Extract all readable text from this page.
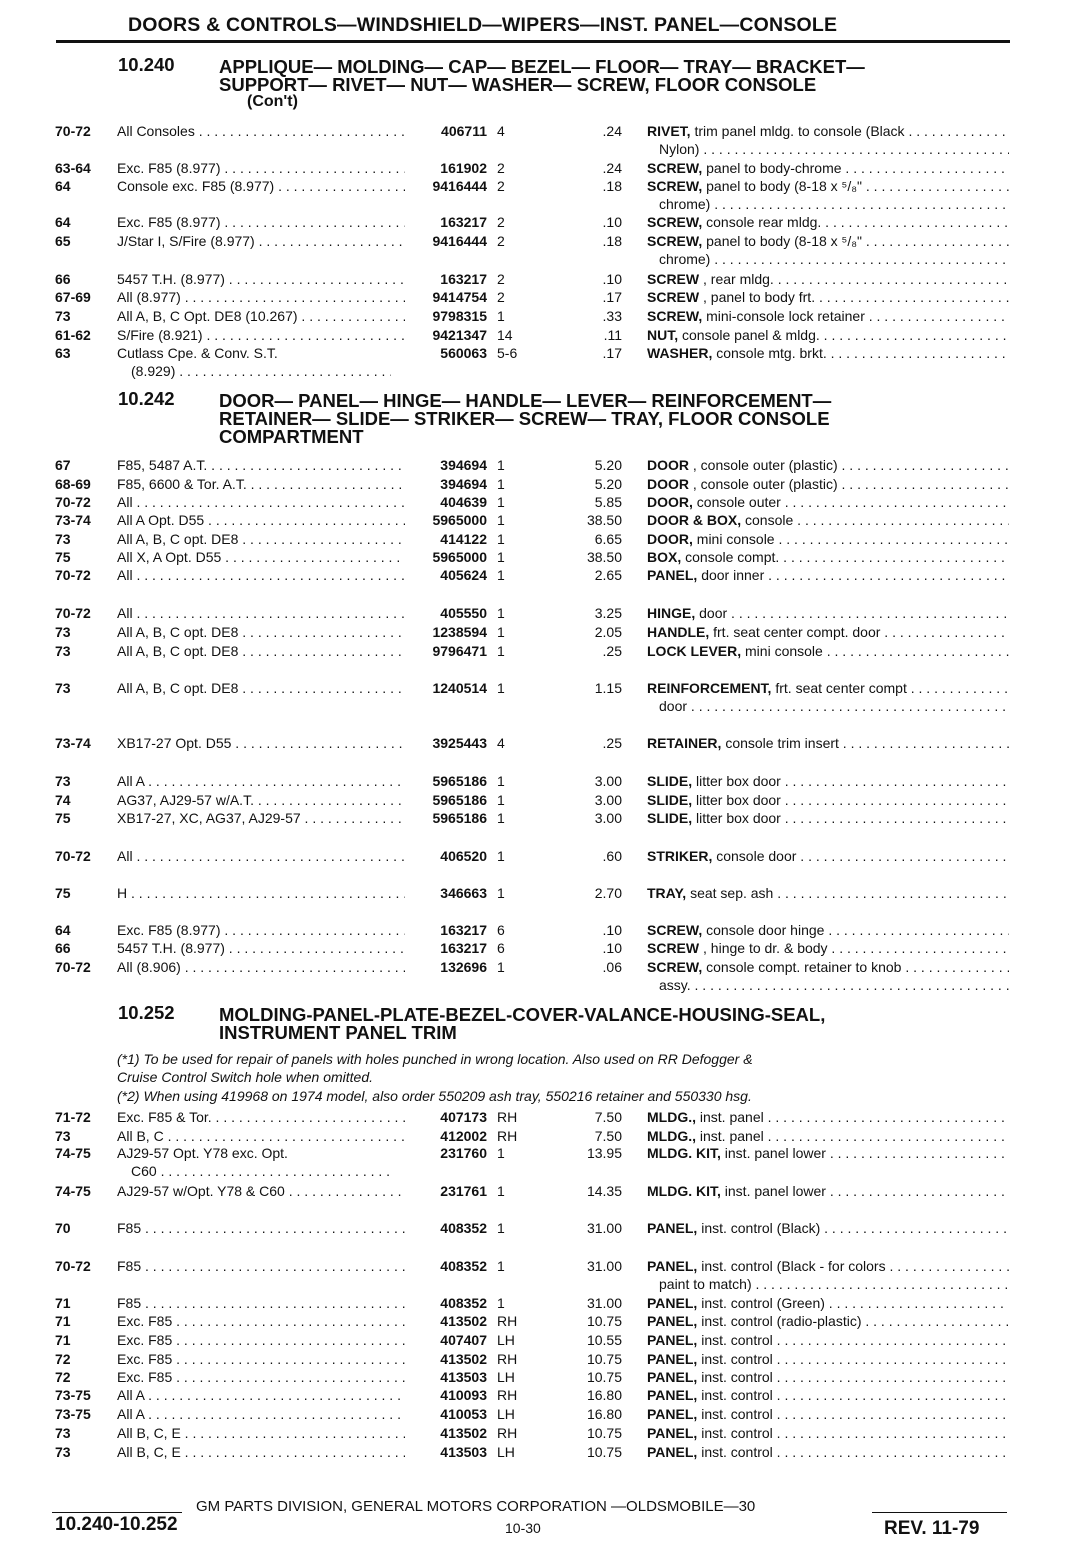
DOORS & CONTROLS—WINDSHIELD—WIPERS—INST. PANEL—CONSOLE
10.240 APPLIQUE— MOLDING— CAP— BEZEL— FLOOR— TRAY— BRACKET—
SUPPORT— RIVET— NUT— WASHER— SCREW, FLOOR CONSOLE
(Con't)
10.242 DOOR— PANEL— HINGE— HANDLE— LEVER— REINFORCEMENT—
RETAINER— SLIDE— STRIKER— SCREW— TRAY, FLOOR CONSOLE
COMPARTMENT
10.252 MOLDING-PANEL-PLATE-BEZEL-COVER-VALANCE-HOUSING-SEAL,
INSTRUMENT PANEL TRIM
(*1) To be used for repair of panels with holes punched in wrong location. Also used on RR Defogger &
Cruise Control Switch hole when omitted.
(*2) When using 419968 on 1974 model, also order 550209 ash tray, 550216 retainer and 550330 hsg.
70-72 All Consoles . . .	406711 4	.24 RIVET, trim panel mldg. to console (Black . . .
Nylon) . . .
63-64 Exc. F85 (8.977) . . .	161902 2	.24 SCREW, panel to body-chrome . . .
64	Console exc. F85 (8.977) . . .	9416444 2	.18 SCREW, panel to body (8-18 x ⁵/₈" . . .
chrome) . . .
64	Exc. F85 (8.977) . . .	163217 2	.10 SCREW, console rear mldg. . . .
65	J/Star I, S/Fire (8.977) . . .	9416444 2	.18 SCREW, panel to body (8-18 x ⁵/₈" . . .
chrome) . . .
66	5457 T.H. (8.977) . . .	163217 2	.10 SCREW , rear mldg. . . .
67-69 All (8.977) . . .	9414754 2	.17 SCREW , panel to body frt. . . .
73	All A, B, C Opt. DE8 (10.267) . . .	9798315 1	.33 SCREW, mini-console lock retainer . . .
61-62 S/Fire (8.921) . . .	9421347 14	.11 NUT, console panel & mldg. . . .
63	Cutlass Cpe. & Conv. S.T.	560063 5-6	.17 WASHER, console mtg. brkt. . . .
(8.929) . . .
67	F85, 5487 A.T. . . .	394694 1	5.20 DOOR , console outer (plastic) . . .
68-69 F85, 6600 & Tor. A.T. . . .	394694 1	5.20 DOOR , console outer (plastic) . . .
70-72 All . . .	404639 1	5.85 DOOR, console outer . . .
73-74 All A Opt. D55 . . .	5965000 1	38.50 DOOR & BOX, console . . .
73	All A, B, C opt. DE8 . . .	414122 1	6.65 DOOR, mini console . . .
75	All X, A Opt. D55 . . .	5965000 1	38.50 BOX, console compt. . . .
70-72 All . . .	405624 1	2.65 PANEL, door inner . . .
70-72 All . . .	405550 1	3.25 HINGE, door . . .
73	All A, B, C opt. DE8 . . .	1238594 1	2.05 HANDLE, frt. seat center compt. door . . .
73	All A, B, C opt. DE8 . . .	9796471 1	.25 LOCK LEVER, mini console . . .
73	All A, B, C opt. DE8 . . .	1240514 1	1.15 REINFORCEMENT, frt. seat center compt . . .
door . . .
73-74 XB17-27 Opt. D55 . . .	3925443 4	.25 RETAINER, console trim insert . . .
73	All A . . .	5965186 1	3.00 SLIDE, litter box door . . .
74	AG37, AJ29-57 w/A.T. . . .	5965186 1	3.00 SLIDE, litter box door . . .
75	XB17-27, XC, AG37, AJ29-57 . . .	5965186 1	3.00 SLIDE, litter box door . . .
70-72 All . . .	406520 1	.60 STRIKER, console door . . .
75	H . . .	346663 1	2.70 TRAY, seat sep. ash . . .
64	Exc. F85 (8.977) . . .	163217 6	.10 SCREW, console door hinge . . .
66	5457 T.H. (8.977) . . .	163217 6	.10 SCREW , hinge to dr. & body . . .
70-72 All (8.906) . . .	132696 1	.06 SCREW, console compt. retainer to knob . . .
assy. . . .
71-72 Exc. F85 & Tor. . . .	407173 RH	7.50 MLDG., inst. panel . . .
73	All B, C . . .	412002 RH	7.50 MLDG., inst. panel . . .
74-75 AJ29-57 Opt. Y78 exc. Opt.	231760 1	13.95 MLDG. KIT, inst. panel lower . . .
C60 . . .
74-75 AJ29-57 w/Opt. Y78 & C60 . . .	231761 1	14.35 MLDG. KIT, inst. panel lower . . .
70	F85 . . .	408352 1	31.00 PANEL, inst. control (Black) . . .
70-72 F85 . . .	408352 1	31.00 PANEL, inst. control (Black - for colors . . .
paint to match) . . .
71	F85 . . .	408352 1	31.00 PANEL, inst. control (Green) . . .
71	Exc. F85 . . .	413502 RH	10.75 PANEL, inst. control (radio-plastic) . . .
71	Exc. F85 . . .	407407 LH	10.55 PANEL, inst. control . . .
72	Exc. F85 . . .	413502 RH	10.75 PANEL, inst. control . . .
72	Exc. F85 . . .	413503 LH	10.75 PANEL, inst. control . . .
73-75 All A . . .	410093 RH	16.80 PANEL, inst. control . . .
73-75 All A . . .	410053 LH	16.80 PANEL, inst. control . . .
73	All B, C, E . . .	413502 RH	10.75 PANEL, inst. control . . .
73	All B, C, E . . .	413503 LH	10.75 PANEL, inst. control . . .
GM PARTS DIVISION, GENERAL MOTORS CORPORATION —OLDSMOBILE—30
10.240-10.252	10-30	REV. 11-79
